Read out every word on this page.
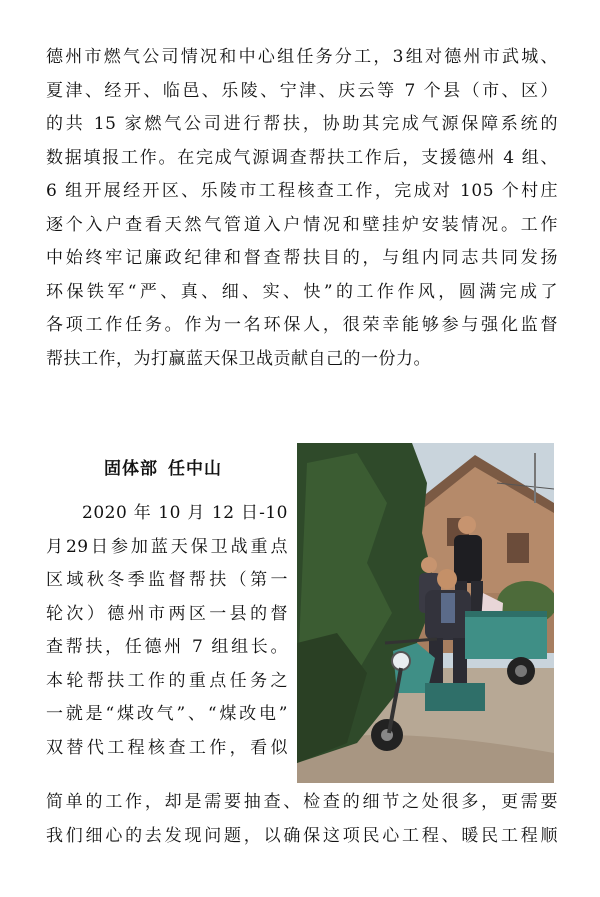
德州市燃气公司情况和中心组任务分工，3组对德州市武城、
夏津、经开、临邑、乐陵、宁津、庆云等 7 个县（市、区）
的共 15 家燃气公司进行帮扶，协助其完成气源保障系统的
数据填报工作。在完成气源调查帮扶工作后，支援德州 4 组、
6 组开展经开区、乐陵市工程核查工作，完成对 105 个村庄
逐个入户查看天然气管道入户情况和壁挂炉安装情况。工作
中始终牢记廉政纪律和督查帮扶目的，与组内同志共同发扬
环保铁军“严、真、细、实、快”的工作作风，圆满完成了
各项工作任务。作为一名环保人，很荣幸能够参与强化监督
帮扶工作，为打赢蓝天保卫战贡献自己的一份力。
固体部 任中山
2020 年 10 月 12 日-10
月29日参加蓝天保卫战重点
区域秋冬季监督帮扶（第一
轮次）德州市两区一县的督
查帮扶，任德州 7 组组长。
本轮帮扶工作的重点任务之
一就是“煤改气”、“煤改电”
双替代工程核查工作，看似
简单的工作，却是需要抽查、检查的细节之处很多，更需要
我们细心的去发现问题，以确保这项民心工程、暖民工程顺
